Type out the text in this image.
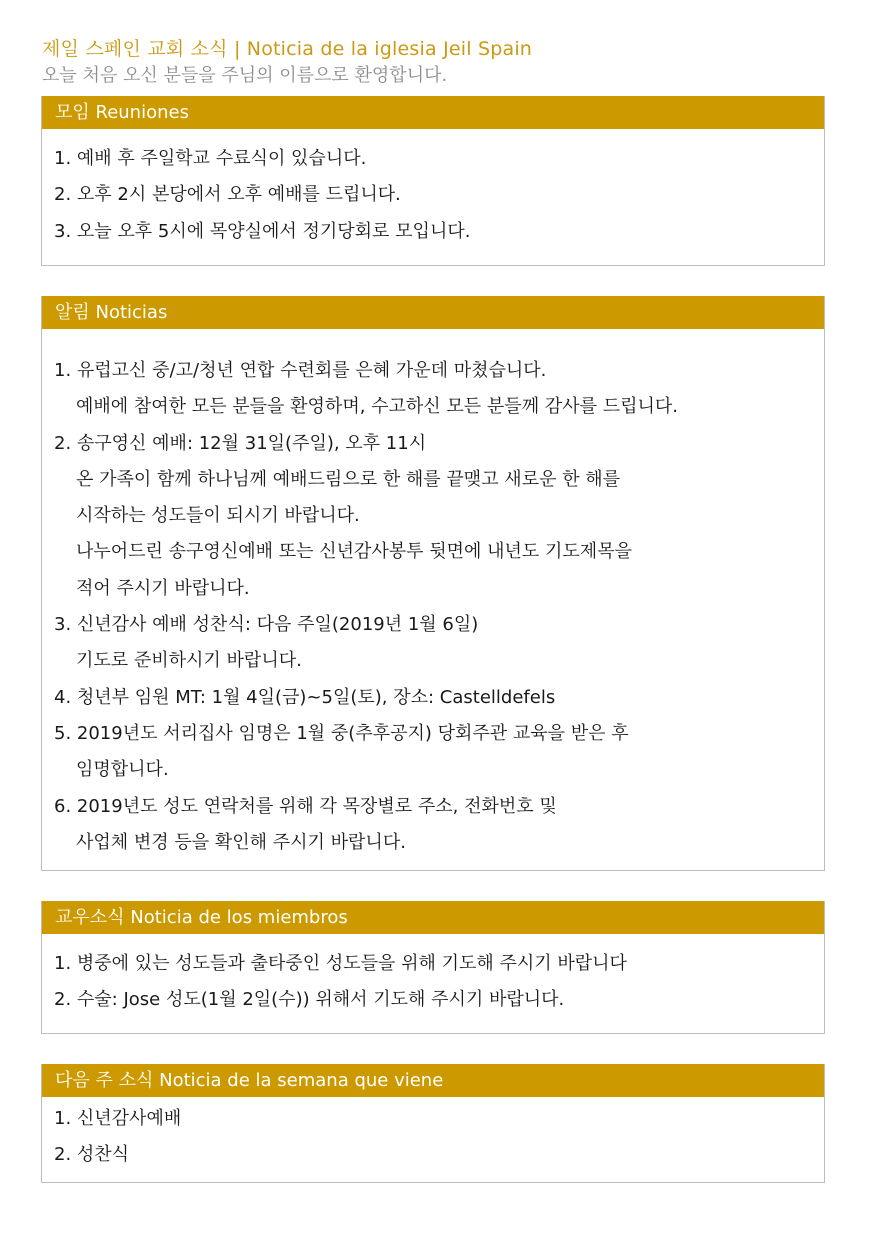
제일 스페인 교회 소식 | Noticia de la iglesia Jeil Spain
오늘 처음 오신 분들을 주님의 이름으로 환영합니다.
모임 Reuniones
1. 예배 후 주일학교 수료식이 있습니다.
2. 오후 2시 본당에서 오후 예배를 드립니다.
3. 오늘 오후 5시에 목양실에서 정기당회로 모입니다.
알림 Noticias
1. 유럽고신 중/고/청년 연합 수련회를 은혜 가운데 마쳤습니다.
예배에 참여한 모든 분들을 환영하며, 수고하신 모든 분들께 감사를 드립니다.
2. 송구영신 예배: 12월 31일(주일), 오후 11시
온 가족이 함께 하나님께 예배드림으로 한 해를 끝맺고 새로운 한 해를
시작하는 성도들이 되시기 바랍니다.
나누어드린 송구영신예배 또는 신년감사봉투 뒷면에 내년도 기도제목을
적어 주시기 바랍니다.
3. 신년감사 예배 성찬식: 다음 주일(2019년 1월 6일)
기도로 준비하시기 바랍니다.
4. 청년부 임원 MT: 1월 4일(금)~5일(토), 장소: Castelldefels
5. 2019년도 서리집사 임명은 1월 중(추후공지) 당회주관 교육을 받은 후
임명합니다.
6. 2019년도 성도 연락처를 위해 각 목장별로 주소, 전화번호 및
사업체 변경 등을 확인해 주시기 바랍니다.
교우소식 Noticia de los miembros
1. 병중에 있는 성도들과 출타중인 성도들을 위해 기도해 주시기 바랍니다
2. 수술: Jose 성도(1월 2일(수)) 위해서 기도해 주시기 바랍니다.
다음 주 소식 Noticia de la semana que viene
1. 신년감사예배
2. 성찬식
